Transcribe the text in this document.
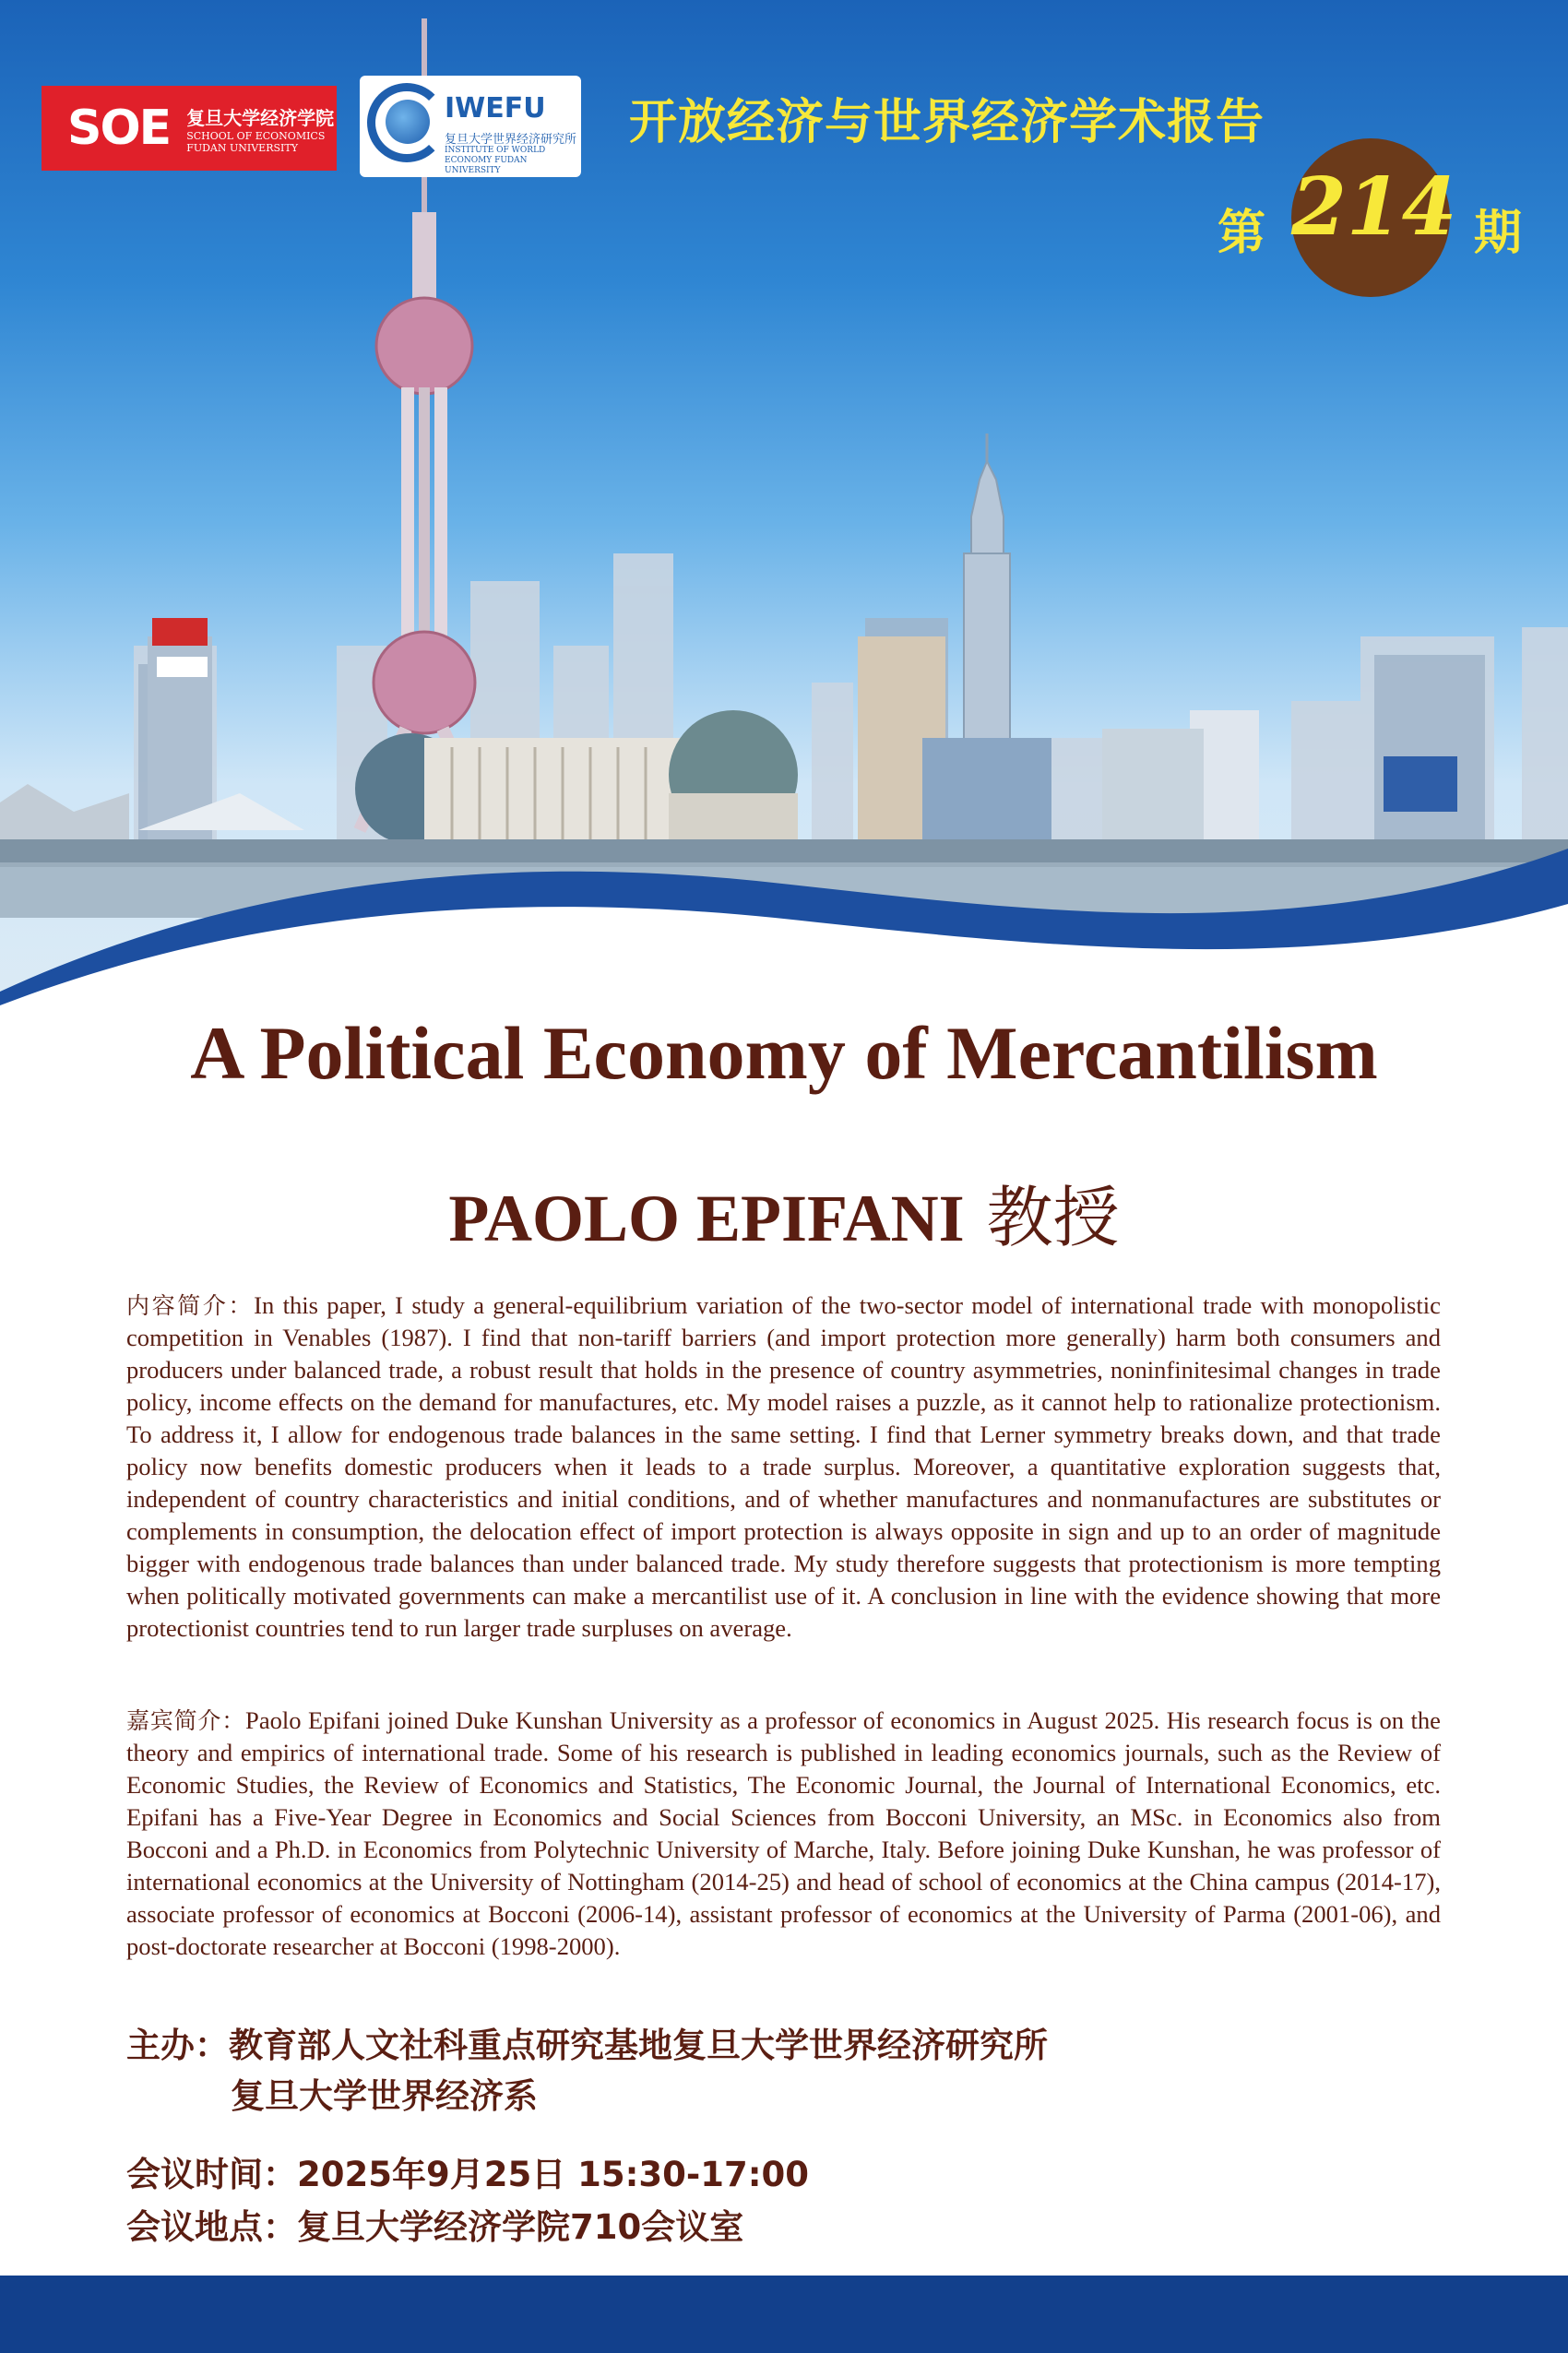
SOE 复旦大学经济学院
SCHOOL OF ECONOMICS
FUDAN UNIVERSITY
IWEFU
复旦大学世界经济研究所
INSTITUTE OF WORLD ECONOMY FUDAN UNIVERSITY
开放经济与世界经济学术报告
第 214 期
A Political Economy of Mercantilism
PAOLO EPIFANI 教授

内容简介：In this paper, I study a general-equilibrium variation of the two-sector model of international trade with monopolistic competition in Venables (1987). I find that non-tariff barriers (and import protection more generally) harm both consumers and producers under balanced trade, a robust result that holds in the presence of country asymmetries, noninfinitesimal changes in trade policy, income effects on the demand for manufactures, etc. My model raises a puzzle, as it cannot help to rationalize protectionism. To address it, I allow for endogenous trade balances in the same setting. I find that Lerner symmetry breaks down, and that trade policy now benefits domestic producers when it leads to a trade surplus. Moreover, a quantitative exploration suggests that, independent of country characteristics and initial conditions, and of whether manufactures and nonmanufactures are substitutes or complements in consumption, the delocation effect of import protection is always opposite in sign and up to an order of magnitude bigger with endogenous trade balances than under balanced trade. My study therefore suggests that protectionism is more tempting when politically motivated governments can make a mercantilist use of it. A conclusion in line with the evidence showing that more protectionist countries tend to run larger trade surpluses on average.

嘉宾简介：Paolo Epifani joined Duke Kunshan University as a professor of economics in August 2025. His research focus is on the theory and empirics of international trade. Some of his research is published in leading economics journals, such as the Review of Economic Studies, the Review of Economics and Statistics, The Economic Journal, the Journal of International Economics, etc. Epifani has a Five-Year Degree in Economics and Social Sciences from Bocconi University, an MSc. in Economics also from Bocconi and a Ph.D. in Economics from Polytechnic University of Marche, Italy. Before joining Duke Kunshan, he was professor of international economics at the University of Nottingham (2014-25) and head of school of economics at the China campus (2014-17), associate professor of economics at Bocconi (2006-14), assistant professor of economics at the University of Parma (2001-06), and post-doctorate researcher at Bocconi (1998-2000).

主办：教育部人文社科重点研究基地复旦大学世界经济研究所
复旦大学世界经济系
会议时间：2025年9月25日 15:30-17:00
会议地点：复旦大学经济学院710会议室
